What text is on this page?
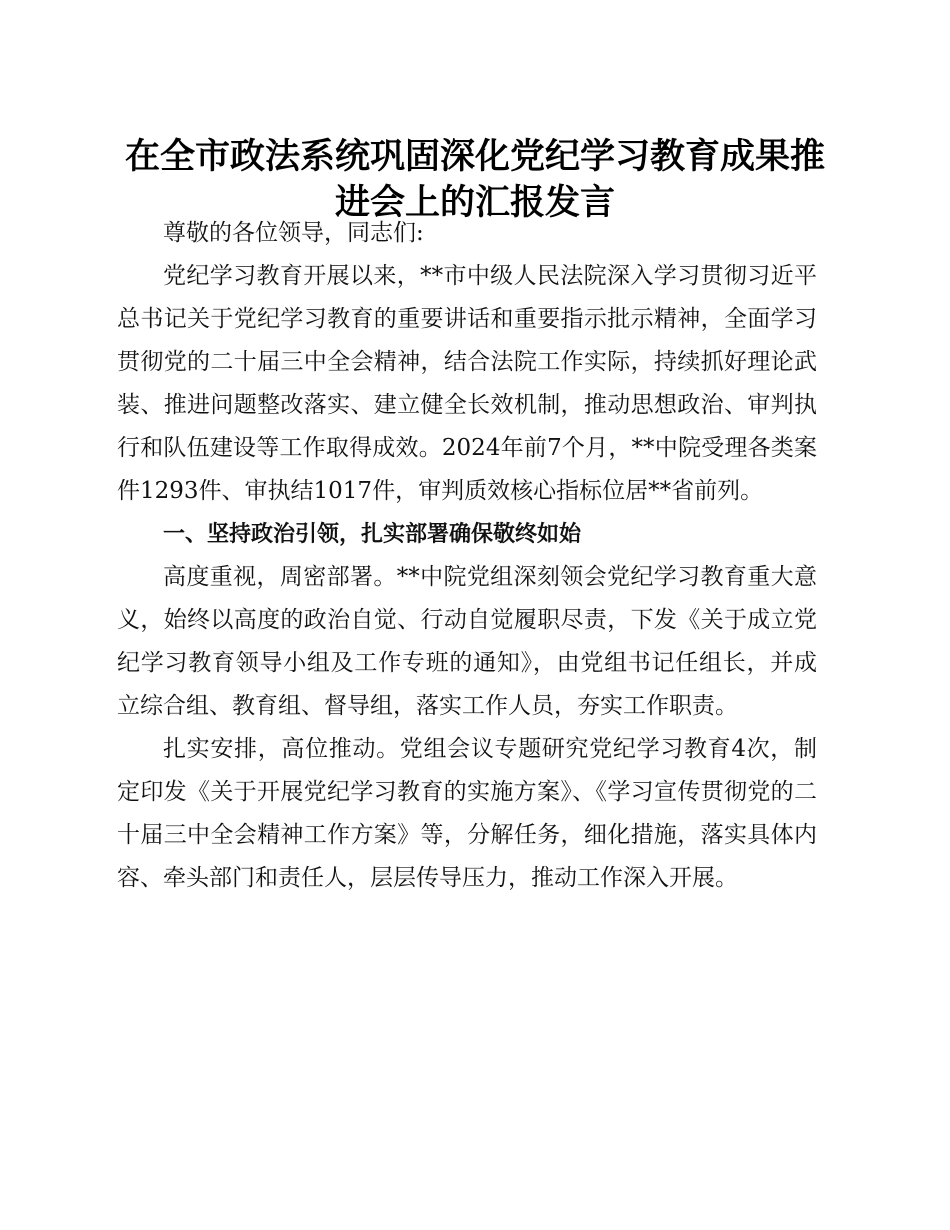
在全市政法系统巩固深化党纪学习教育成果推进会上的汇报发言

尊敬的各位领导，同志们:

党纪学习教育开展以来，**市中级人民法院深入学习贯彻习近平总书记关于党纪学习教育的重要讲话和重要指示批示精神，全面学习贯彻党的二十届三中全会精神，结合法院工作实际，持续抓好理论武装、推进问题整改落实、建立健全长效机制，推动思想政治、审判执行和队伍建设等工作取得成效。2024年前7个月，**中院受理各类案件1293件、审执结1017件，审判质效核心指标位居**省前列。

一、坚持政治引领，扎实部署确保敬终如始

高度重视，周密部署。**中院党组深刻领会党纪学习教育重大意义，始终以高度的政治自觉、行动自觉履职尽责，下发《关于成立党纪学习教育领导小组及工作专班的通知》，由党组书记任组长，并成立综合组、教育组、督导组，落实工作人员，夯实工作职责。

扎实安排，高位推动。党组会议专题研究党纪学习教育4次，制定印发《关于开展党纪学习教育的实施方案》、《学习宣传贯彻党的二十届三中全会精神工作方案》等，分解任务，细化措施，落实具体内容、牵头部门和责任人，层层传导压力，推动工作深入开展。
